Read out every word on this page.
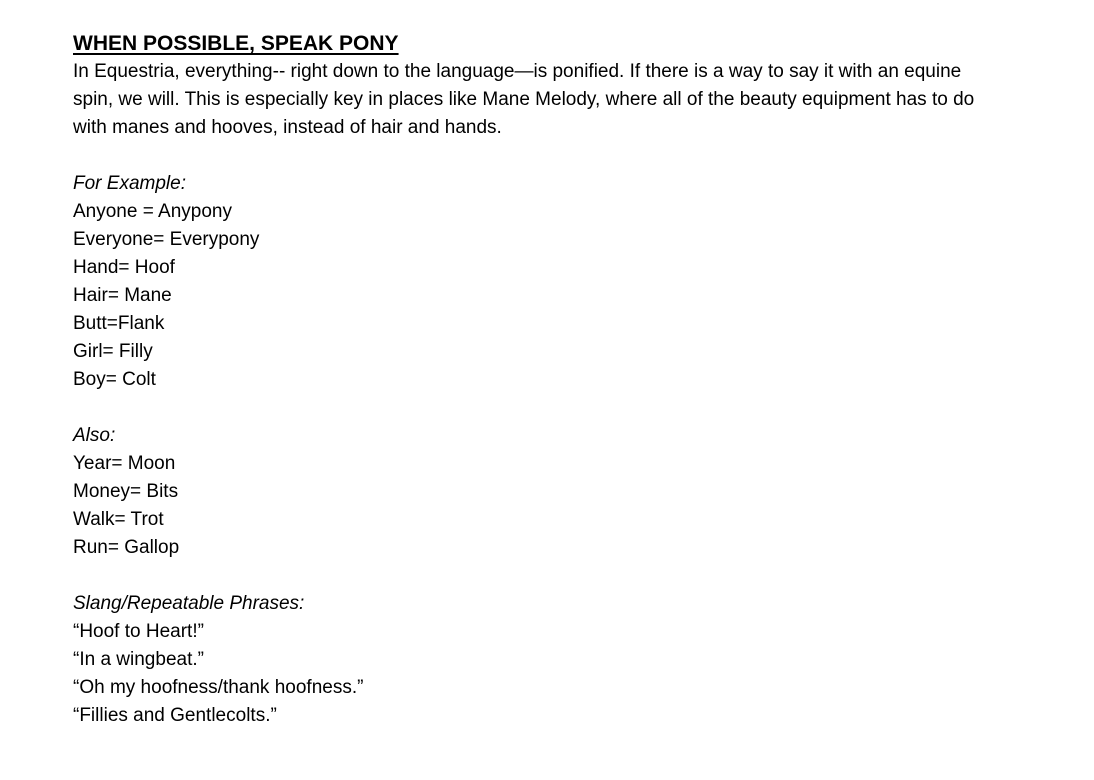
WHEN POSSIBLE, SPEAK PONY

In Equestria, everything-- right down to the language—is ponified. If there is a way to say it with an equine spin, we will. This is especially key in places like Mane Melody, where all of the beauty equipment has to do with manes and hooves, instead of hair and hands.

For Example:

Anyone = Anypony
Everyone= Everypony
Hand= Hoof
Hair= Mane
Butt=Flank
Girl= Filly
Boy= Colt

Also:

Year= Moon
Money= Bits
Walk= Trot
Run= Gallop

Slang/Repeatable Phrases:

“Hoof to Heart!”
“In a wingbeat.”
“Oh my hoofness/thank hoofness.”
“Fillies and Gentlecolts.”
